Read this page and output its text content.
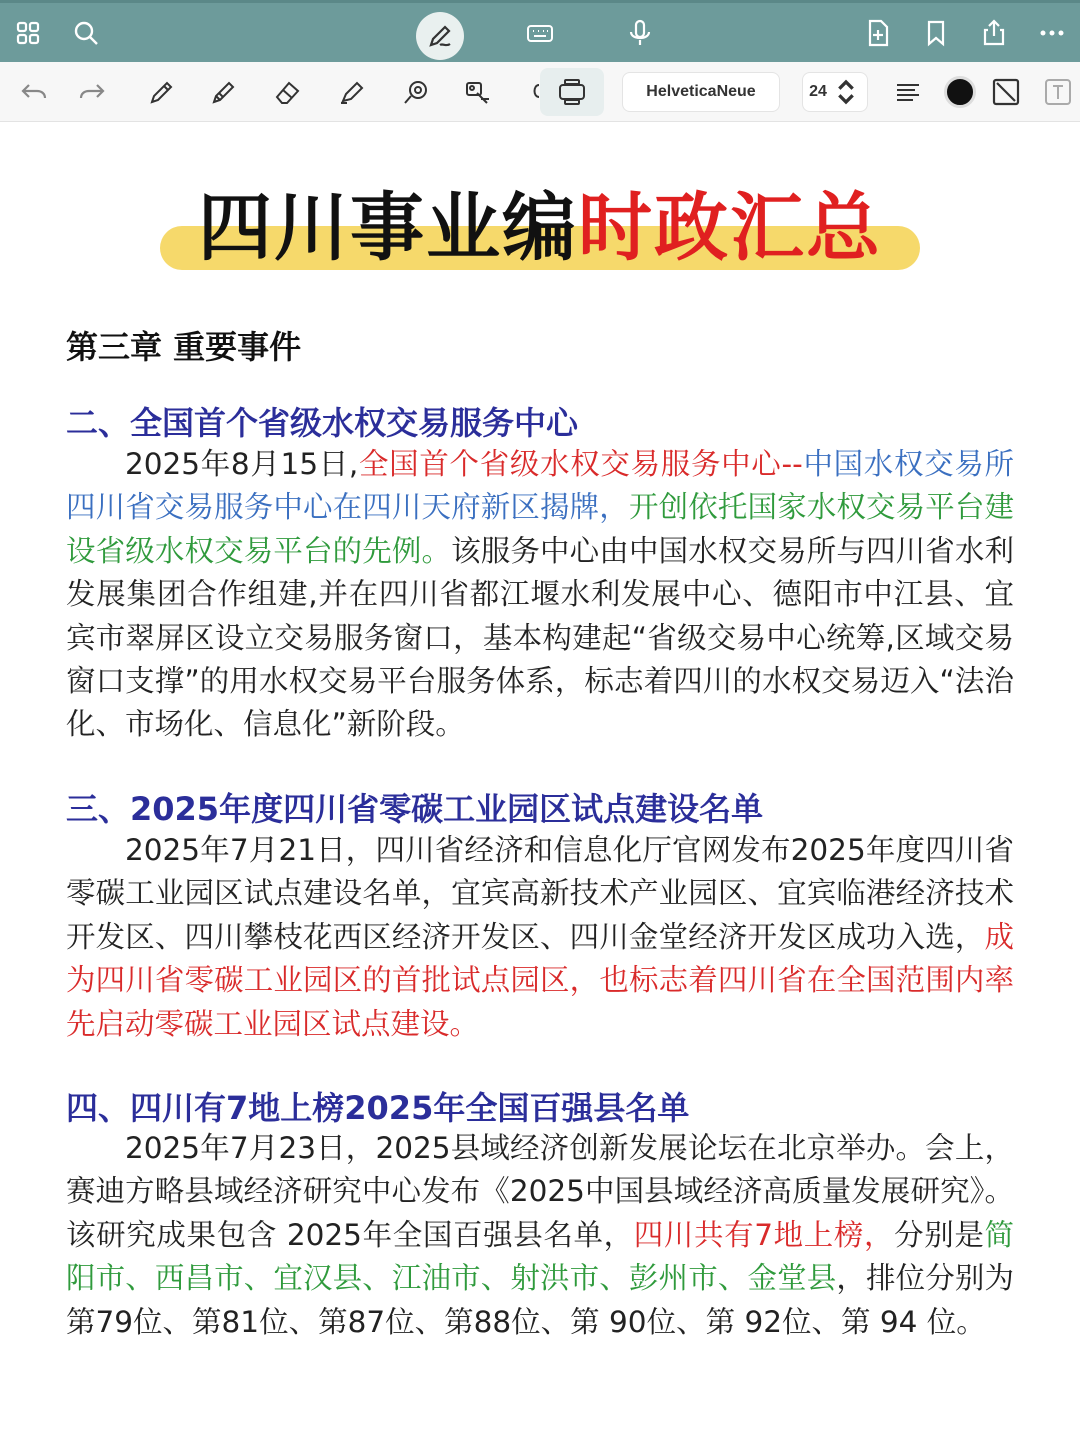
HelveticaNeue	24
四川事业编时政汇总
第三章 重要事件
二、全国首个省级水权交易服务中心
2025年8月15日,全国首个省级水权交易服务中心--中国水权交易所四川省交易服务中心在四川天府新区揭牌，开创依托国家水权交易平台建设省级水权交易平台的先例。该服务中心由中国水权交易所与四川省水利发展集团合作组建,并在四川省都江堰水利发展中心、德阳市中江县、宜宾市翠屏区设立交易服务窗口，基本构建起“省级交易中心统筹,区域交易窗口支撑”的用水权交易平台服务体系，标志着四川的水权交易迈入“法治化、市场化、信息化”新阶段。
三、2025年度四川省零碳工业园区试点建设名单
2025年7月21日，四川省经济和信息化厅官网发布2025年度四川省零碳工业园区试点建设名单，宜宾高新技术产业园区、宜宾临港经济技术开发区、四川攀枝花西区经济开发区、四川金堂经济开发区成功入选，成为四川省零碳工业园区的首批试点园区，也标志着四川省在全国范围内率先启动零碳工业园区试点建设。
四、四川有7地上榜2025年全国百强县名单
2025年7月23日，2025县域经济创新发展论坛在北京举办。会上，赛迪方略县域经济研究中心发布《2025中国县域经济高质量发展研究》。该研究成果包含 2025年全国百强县名单，四川共有7地上榜，分别是简阳市、西昌市、宜汉县、江油市、射洪市、彭州市、金堂县，排位分别为第79位、第81位、第87位、第88位、第 90位、第 92位、第 94 位。
